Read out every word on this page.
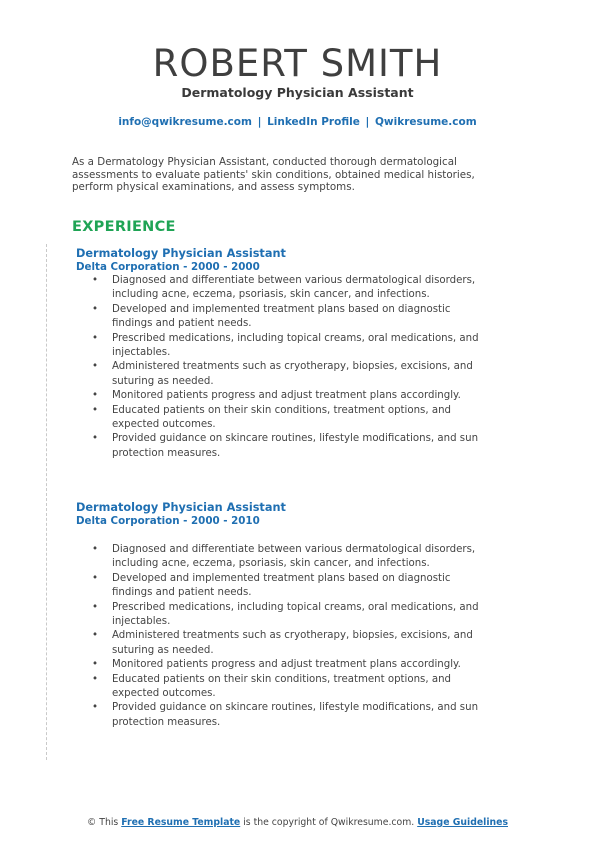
ROBERT SMITH
Dermatology Physician Assistant
info@qwikresume.com | LinkedIn Profile | Qwikresume.com
As a Dermatology Physician Assistant, conducted thorough dermatological assessments to evaluate patients' skin conditions, obtained medical histories, perform physical examinations, and assess symptoms.
EXPERIENCE
Dermatology Physician Assistant
Delta Corporation - 2000 - 2000
• Diagnosed and differentiate between various dermatological disorders, including acne, eczema, psoriasis, skin cancer, and infections.
• Developed and implemented treatment plans based on diagnostic findings and patient needs.
• Prescribed medications, including topical creams, oral medications, and injectables.
• Administered treatments such as cryotherapy, biopsies, excisions, and suturing as needed.
• Monitored patients progress and adjust treatment plans accordingly.
• Educated patients on their skin conditions, treatment options, and expected outcomes.
• Provided guidance on skincare routines, lifestyle modifications, and sun protection measures.
Dermatology Physician Assistant
Delta Corporation - 2000 - 2010
• Diagnosed and differentiate between various dermatological disorders, including acne, eczema, psoriasis, skin cancer, and infections.
• Developed and implemented treatment plans based on diagnostic findings and patient needs.
• Prescribed medications, including topical creams, oral medications, and injectables.
• Administered treatments such as cryotherapy, biopsies, excisions, and suturing as needed.
• Monitored patients progress and adjust treatment plans accordingly.
• Educated patients on their skin conditions, treatment options, and expected outcomes.
• Provided guidance on skincare routines, lifestyle modifications, and sun protection measures.
© This Free Resume Template is the copyright of Qwikresume.com. Usage Guidelines
